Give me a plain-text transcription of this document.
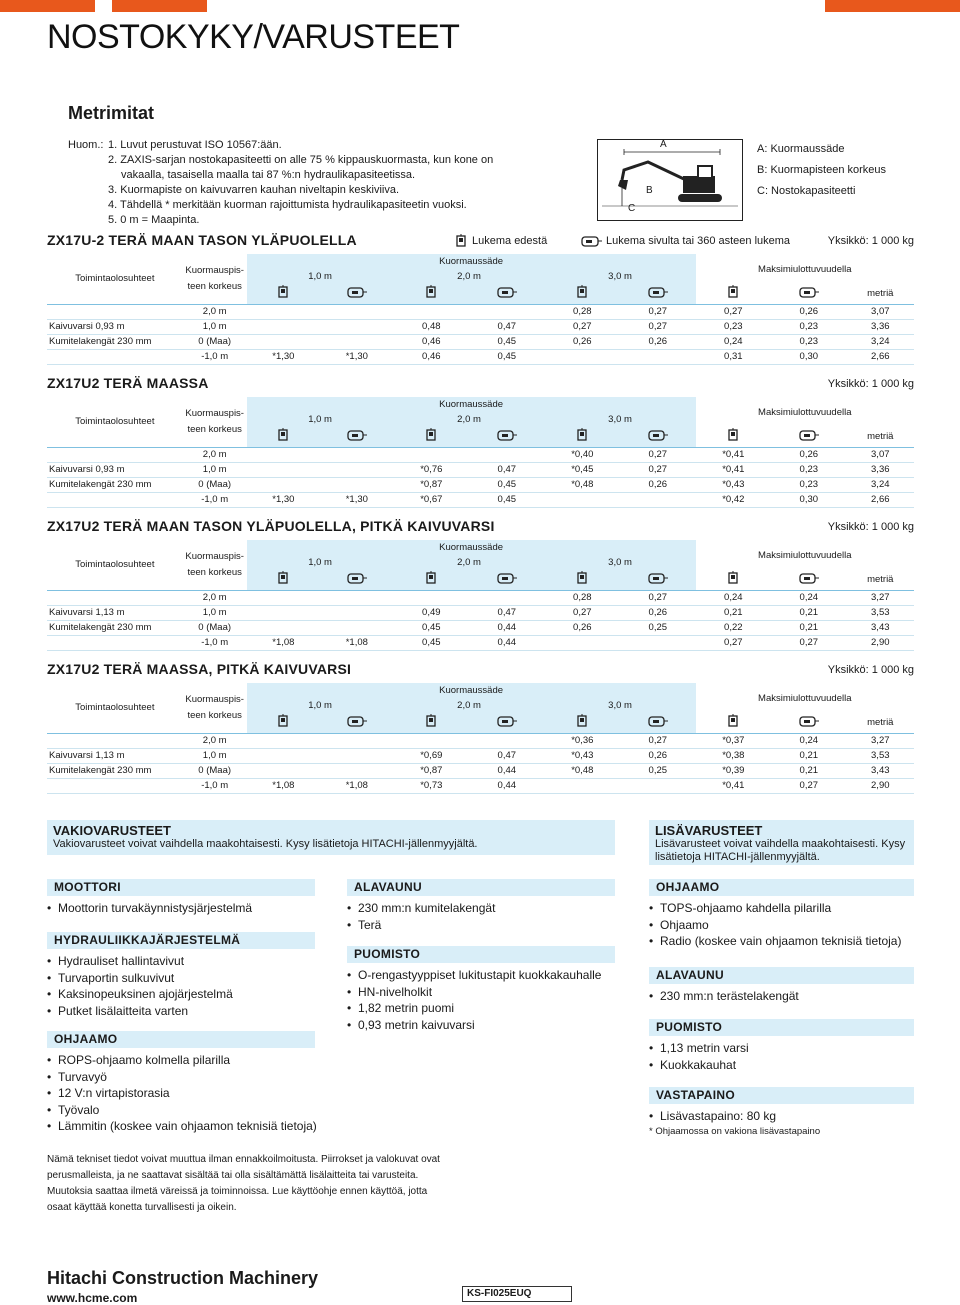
NOSTOKYKY/VARUSTEET
Metrimitat
Huom.: 1. Luvut perustuvat ISO 10567:ään.
2. ZAXIS-sarjan nostokapasiteetti on alle 75 % kippauskuormasta, kun kone on
vakaalla, tasaisella maalla tai 87 %:n hydraulikapasiteetissa.
3. Kuormapiste on kaivuvarren kauhan niveltapin keskiviiva.
4. Tähdellä * merkitään kuorman rajoittumista hydraulikapasiteetin vuoksi.
5. 0 m = Maapinta.
A
B
C
A: Kuormaussäde
B: Kuormapisteen korkeus
C: Nostokapasiteetti
Lukema edestä	Lukema sivulta tai 360 asteen lukema
ZX17U-2 TERÄ MAAN TASON YLÄPUOLELLA	Yksikkö: 1 000 kg
Toimintaolosuhteet	Kuormauspis-
teen korkeus	Kuormaussäde						Maksimiulottuvuudella		
		1,0 m		2,0 m		3,0 m				
								metriä
	2,0 m					0,28	0,27	0,27	0,26	3,07
Kaivuvarsi 0,93 m	1,0 m			0,48	0,47	0,27	0,27	0,23	0,23	3,36
Kumitelakengät 230 mm	0 (Maa)			0,46	0,45	0,26	0,26	0,24	0,23	3,24
	-1,0 m	*1,30	*1,30	0,46	0,45			0,31	0,30	2,66
ZX17U2 TERÄ MAASSA	Yksikkö: 1 000 kg
Toimintaolosuhteet	Kuormauspis-
teen korkeus	Kuormaussäde						Maksimiulottuvuudella		
		1,0 m		2,0 m		3,0 m				
								metriä
	2,0 m					*0,40	0,27	*0,41	0,26	3,07
Kaivuvarsi 0,93 m	1,0 m			*0,76	0,47	*0,45	0,27	*0,41	0,23	3,36
Kumitelakengät 230 mm	0 (Maa)			*0,87	0,45	*0,48	0,26	*0,43	0,23	3,24
	-1,0 m	*1,30	*1,30	*0,67	0,45			*0,42	0,30	2,66
ZX17U2 TERÄ MAAN TASON YLÄPUOLELLA, PITKÄ KAIVUVARSI	Yksikkö: 1 000 kg
Toimintaolosuhteet	Kuormauspis-
teen korkeus	Kuormaussäde						Maksimiulottuvuudella		
		1,0 m		2,0 m		3,0 m				
								metriä
	2,0 m					0,28	0,27	0,24	0,24	3,27
Kaivuvarsi 1,13 m	1,0 m			0,49	0,47	0,27	0,26	0,21	0,21	3,53
Kumitelakengät 230 mm	0 (Maa)			0,45	0,44	0,26	0,25	0,22	0,21	3,43
	-1,0 m	*1,08	*1,08	0,45	0,44			0,27	0,27	2,90
ZX17U2 TERÄ MAASSA, PITKÄ KAIVUVARSI	Yksikkö: 1 000 kg
Toimintaolosuhteet	Kuormauspis-
teen korkeus	Kuormaussäde						Maksimiulottuvuudella		
		1,0 m		2,0 m		3,0 m				
								metriä
	2,0 m					*0,36	0,27	*0,37	0,24	3,27
Kaivuvarsi 1,13 m	1,0 m			*0,69	0,47	*0,43	0,26	*0,38	0,21	3,53
Kumitelakengät 230 mm	0 (Maa)			*0,87	0,44	*0,48	0,25	*0,39	0,21	3,43
	-1,0 m	*1,08	*1,08	*0,73	0,44			*0,41	0,27	2,90
VAKIOVARUSTEET
Vakiovarusteet voivat vaihdella maakohtaisesti. Kysy lisätietoja HITACHI-jällenmyyjältä.
LISÄVARUSTEET
Lisävarusteet voivat vaihdella maakohtaisesti. Kysy lisätietoja HITACHI-jällenmyyjältä.
MOOTTORI
• Moottorin turvakäynnistysjärjestelmä
HYDRAULIIKKAJÄRJESTELMÄ
• Hydrauliset hallintavivut
• Turvaportin sulkuvivut
• Kaksinopeuksinen ajojärjestelmä
• Putket lisälaitteita varten
OHJAAMO
• ROPS-ohjaamo kolmella pilarilla
• Turvavyö
• 12 V:n virtapistorasia
• Työvalo
• Lämmitin (koskee vain ohjaamon teknisiä tietoja)
ALAVAUNU
• 230 mm:n kumitelakengät
• Terä
PUOMISTO
• O-rengastyyppiset lukitustapit kuokkakauhalle
• HN-nivelholkit
• 1,82 metrin puomi
• 0,93 metrin kaivuvarsi
OHJAAMO
• TOPS-ohjaamo kahdella pilarilla
• Ohjaamo
• Radio (koskee vain ohjaamon teknisiä tietoja)
ALAVAUNU
• 230 mm:n terästelakengät
PUOMISTO
• 1,13 metrin varsi
• Kuokkakauhat
VASTAPAINO
• Lisävastapaino: 80 kg
* Ohjaamossa on vakiona lisävastapaino
Nämä tekniset tiedot voivat muuttua ilman ennakkoilmoitusta. Piirrokset ja valokuvat ovat perusmalleista, ja ne saattavat sisältää tai olla sisältämättä lisälaitteita tai varusteita. Muutoksia saattaa ilmetä väreissä ja toiminnoissa. Lue käyttöohje ennen käyttöä, jotta osaat käyttää konetta turvallisesti ja oikein.
Hitachi Construction Machinery
www.hcme.com	KS-FI025EUQ
